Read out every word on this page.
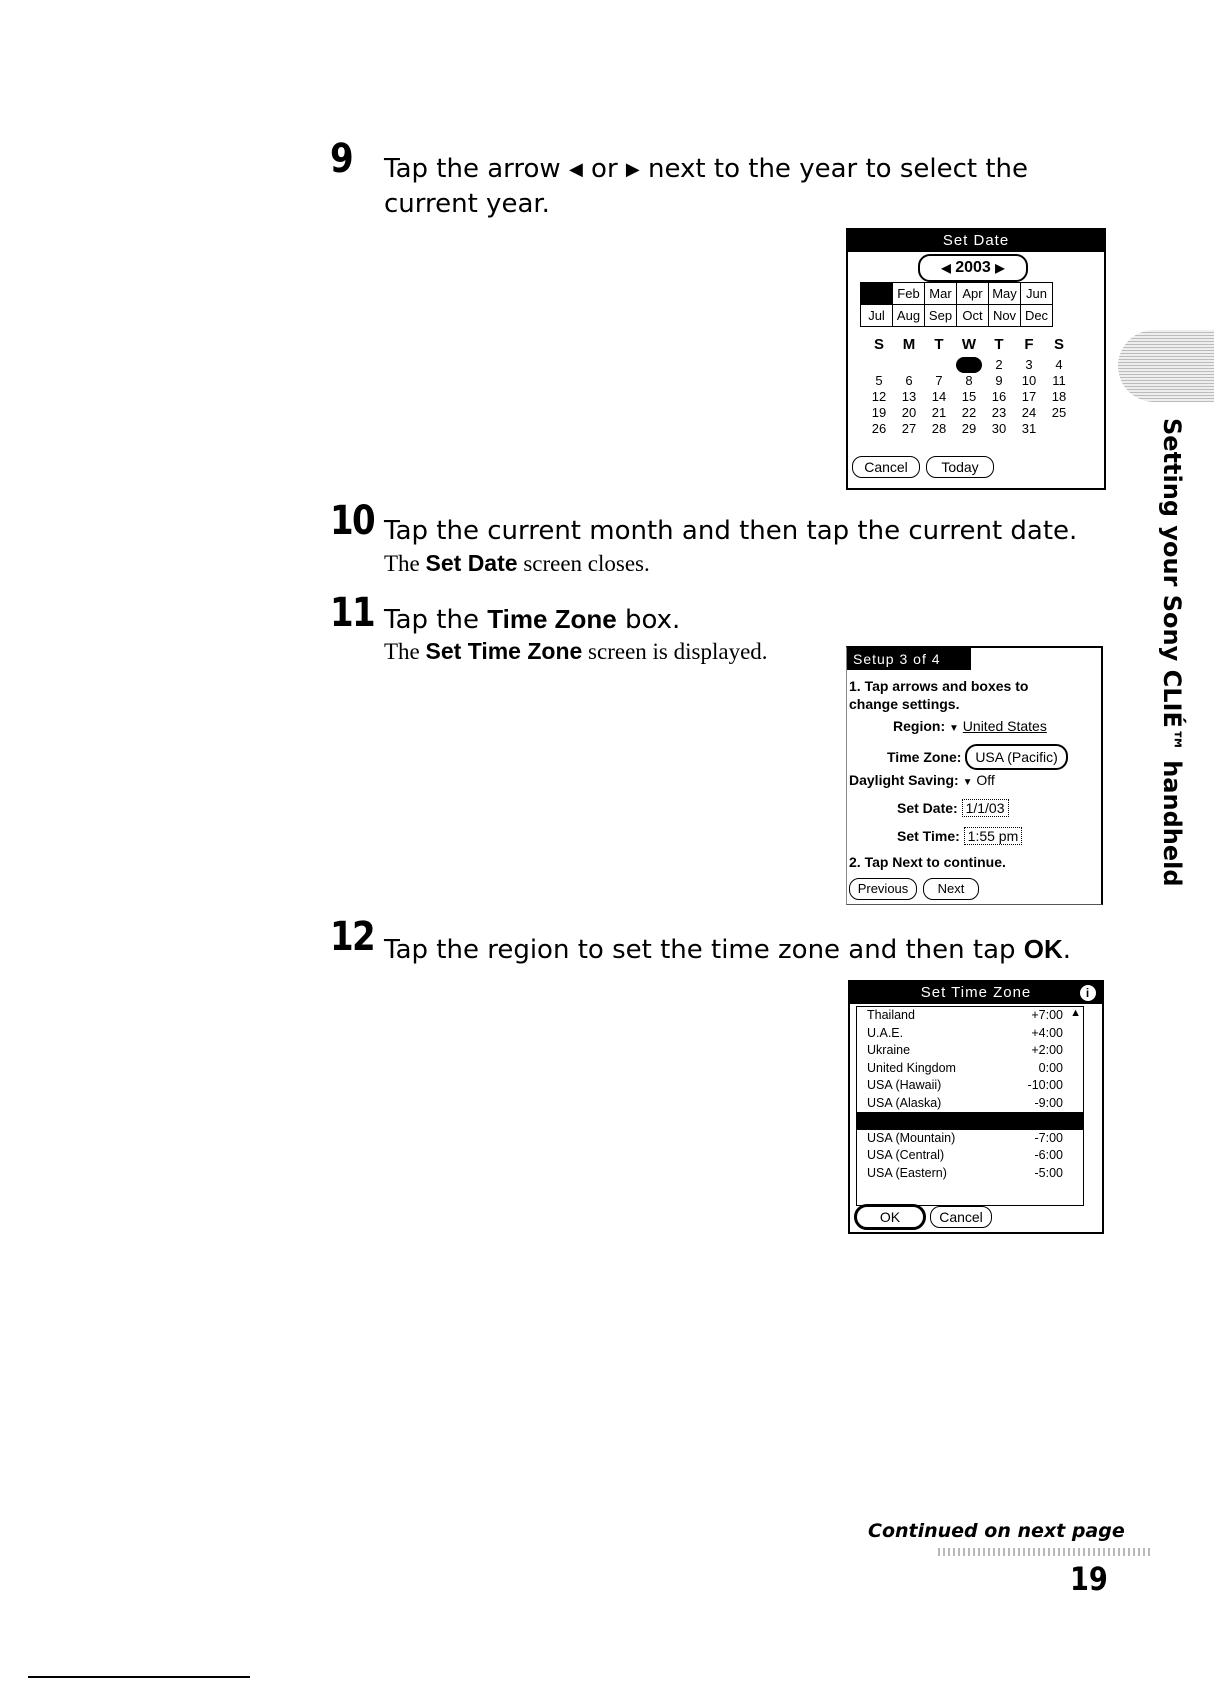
9 Tap the arrow ◀ or ▶ next to the year to select the current year.
Set Date
◀ 2003 ▶
Jan	Feb	Mar	Apr	May	Jun
Jul	Aug	Sep	Oct	Nov	Dec
S	M	T	W	T	F	S
			1	2	3	4
5	6	7	8	9	10	11
12	13	14	15	16	17	18
19	20	21	22	23	24	25
26	27	28	29	30	31	
Cancel	Today
10 Tap the current month and then tap the current date.
The Set Date screen closes.
11 Tap the Time Zone box.
The Set Time Zone screen is displayed.	Setup 3 of 4
1. Tap arrows and boxes to
change settings.
Region: ▼ United States
Time Zone: USA (Pacific)
Daylight Saving: ▼ Off
Set Date: 1/1/03
Set Time: 1:55 pm
2. Tap Next to continue.
Previous	Next
12 Tap the region to set the time zone and then tap OK.
Set Time Zone	i
▲
Thailand	+7:00
U.A.E.	+4:00
Ukraine	+2:00
United Kingdom	0:00
USA (Hawaii)	-10:00
USA (Alaska)	-9:00
USA (Pacific)	-8:00
USA (Mountain)	-7:00
USA (Central)	-6:00
USA (Eastern)	-5:00
OK	Cancel
Setting your Sony CLIÉ™ handheld
Continued on next page
19
